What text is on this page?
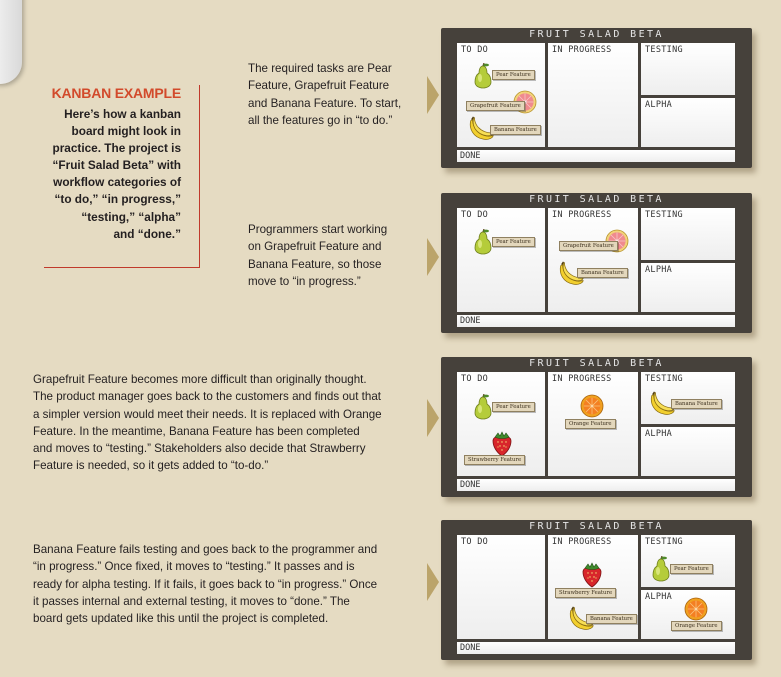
KANBAN EXAMPLE
Here’s how a kanban
board might look in
practice. The project is
“Fruit Salad Beta” with
workflow categories of
“to do,” “in progress,”
“testing,” “alpha”
and “done.”
The required tasks are Pear
Feature, Grapefruit Feature
and Banana Feature. To start,
all the features go in “to do.”
Programmers start working
on Grapefruit Feature and
Banana Feature, so those
move to “in progress.”
Grapefruit Feature becomes more difficult than originally thought.
The product manager goes back to the customers and finds out that
a simpler version would meet their needs. It is replaced with Orange
Feature. In the meantime, Banana Feature has been completed
and moves to “testing.” Stakeholders also decide that Strawberry
Feature is needed, so it gets added to “to-do.”
Banana Feature fails testing and goes back to the programmer and
“in progress.” Once fixed, it moves to “testing.” It passes and is
ready for alpha testing. If it fails, it goes back to “in progress.” Once
it passes internal and external testing, it moves to “done.” The
board gets updated like this until the project is completed.
FRUIT SALAD BETA
TO DO	IN PROGRESS	TESTING
ALPHA
DONE
Pear Feature
Grapefruit Feature
Banana Feature
FRUIT SALAD BETA
TO DO	IN PROGRESS	TESTING
ALPHA
DONE
Pear Feature
Grapefruit Feature
Banana Feature
FRUIT SALAD BETA
TO DO	IN PROGRESS	TESTING
ALPHA
DONE
Pear Feature
Strawberry Feature
Orange Feature
Banana Feature
FRUIT SALAD BETA
TO DO	IN PROGRESS	TESTING
ALPHA
DONE
Strawberry Feature
Banana Feature
Pear Feature
Orange Feature
